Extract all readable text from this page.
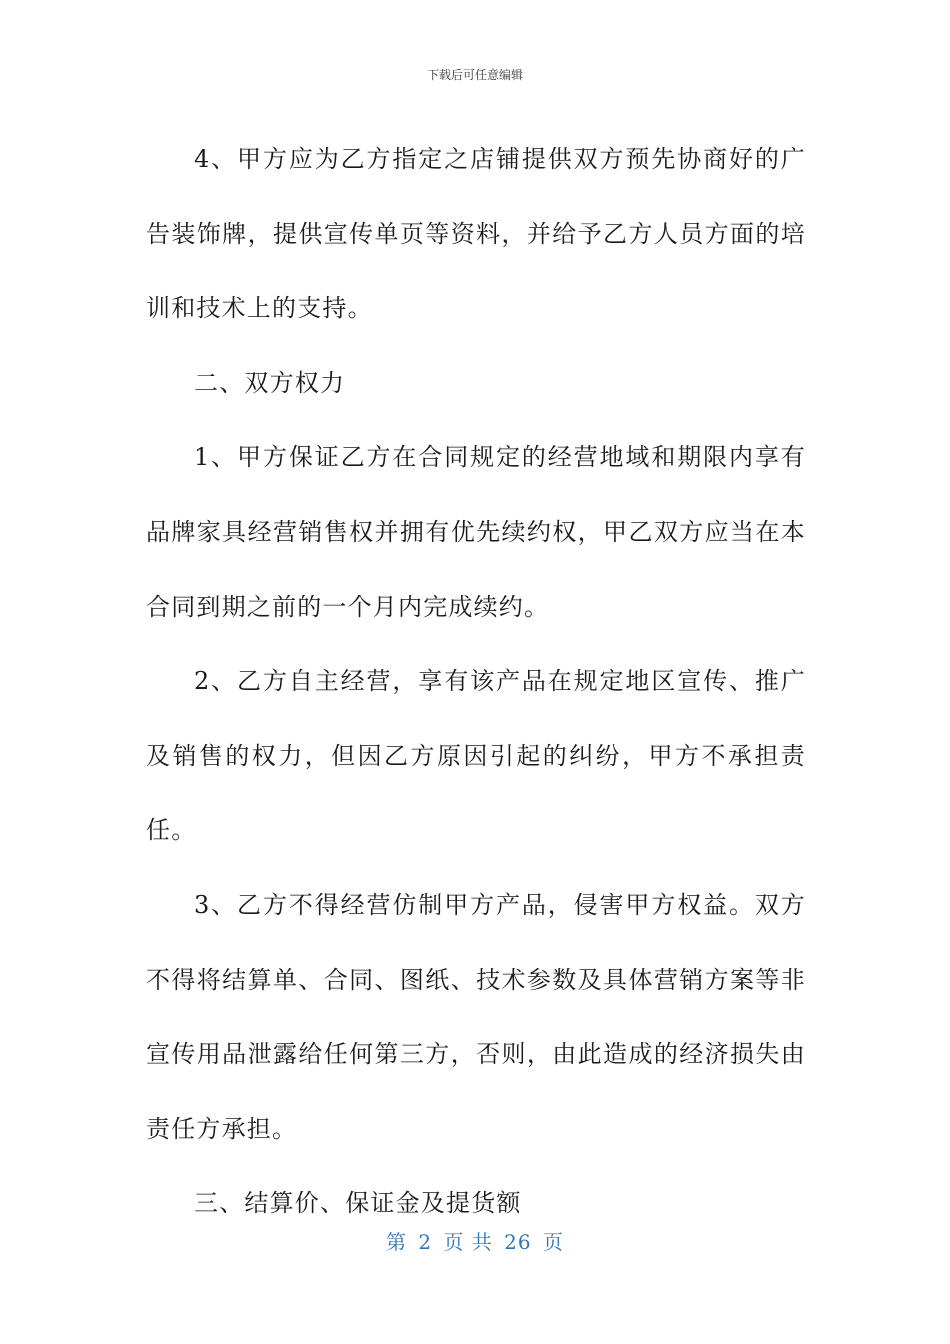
下载后可任意编辑

4、甲方应为乙方指定之店铺提供双方预先协商好的广告装饰牌，提供宣传单页等资料，并给予乙方人员方面的培训和技术上的支持。

二、双方权力

1、甲方保证乙方在合同规定的经营地域和期限内享有品牌家具经营销售权并拥有优先续约权，甲乙双方应当在本合同到期之前的一个月内完成续约。

2、乙方自主经营，享有该产品在规定地区宣传、推广及销售的权力，但因乙方原因引起的纠纷，甲方不承担责任。

3、乙方不得经营仿制甲方产品，侵害甲方权益。双方不得将结算单、合同、图纸、技术参数及具体营销方案等非宣传用品泄露给任何第三方，否则，由此造成的经济损失由责任方承担。

三、结算价、保证金及提货额

第 2 页 共 26 页
